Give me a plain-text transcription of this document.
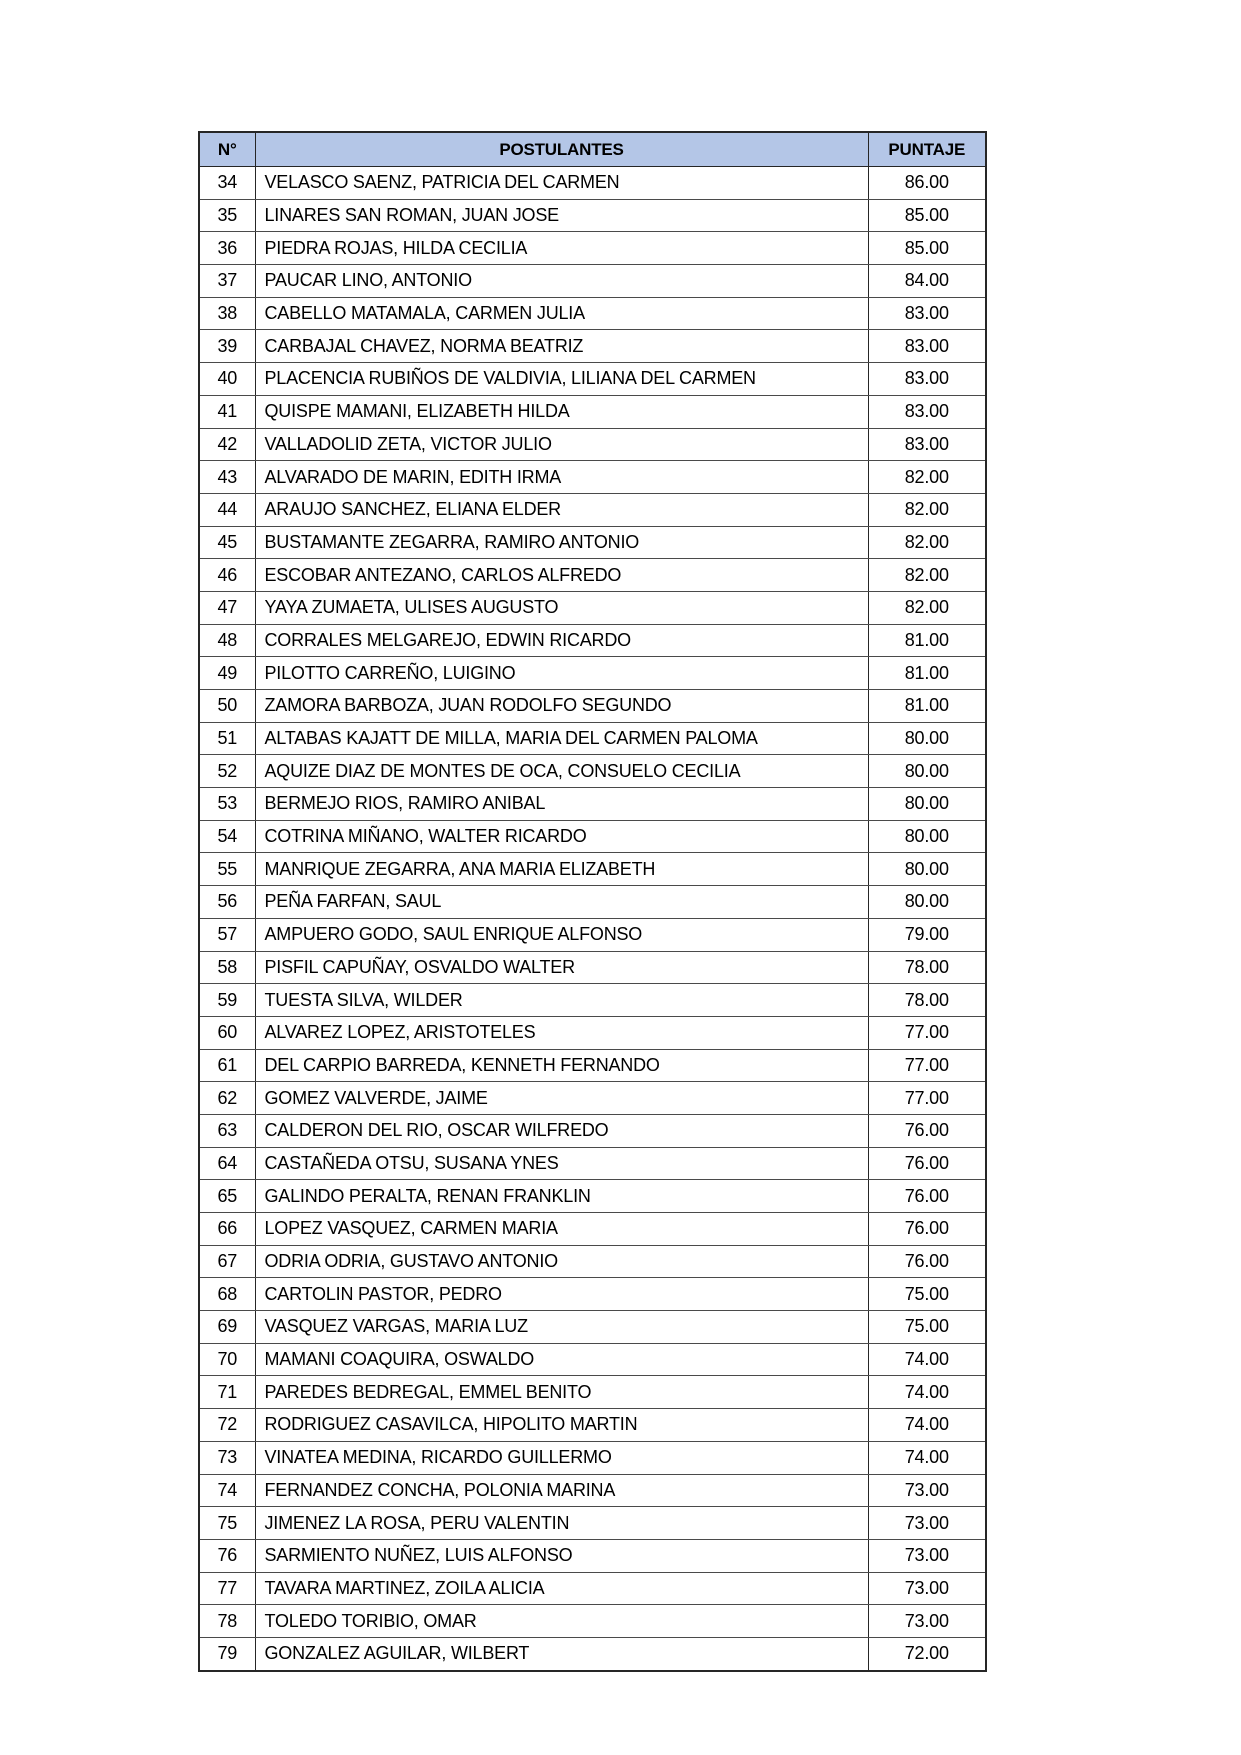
N°	POSTULANTES	PUNTAJE
34	VELASCO SAENZ, PATRICIA DEL CARMEN	86.00
35	LINARES SAN ROMAN, JUAN JOSE	85.00
36	PIEDRA ROJAS, HILDA CECILIA	85.00
37	PAUCAR LINO, ANTONIO	84.00
38	CABELLO MATAMALA, CARMEN JULIA	83.00
39	CARBAJAL CHAVEZ, NORMA BEATRIZ	83.00
40	PLACENCIA RUBIÑOS DE VALDIVIA, LILIANA DEL CARMEN	83.00
41	QUISPE MAMANI, ELIZABETH HILDA	83.00
42	VALLADOLID ZETA, VICTOR JULIO	83.00
43	ALVARADO DE MARIN, EDITH IRMA	82.00
44	ARAUJO SANCHEZ, ELIANA ELDER	82.00
45	BUSTAMANTE ZEGARRA, RAMIRO ANTONIO	82.00
46	ESCOBAR ANTEZANO, CARLOS ALFREDO	82.00
47	YAYA ZUMAETA, ULISES AUGUSTO	82.00
48	CORRALES MELGAREJO, EDWIN RICARDO	81.00
49	PILOTTO CARREÑO, LUIGINO	81.00
50	ZAMORA BARBOZA, JUAN RODOLFO SEGUNDO	81.00
51	ALTABAS KAJATT DE MILLA, MARIA DEL CARMEN PALOMA	80.00
52	AQUIZE DIAZ DE MONTES DE OCA, CONSUELO CECILIA	80.00
53	BERMEJO RIOS, RAMIRO ANIBAL	80.00
54	COTRINA MIÑANO, WALTER RICARDO	80.00
55	MANRIQUE ZEGARRA, ANA MARIA ELIZABETH	80.00
56	PEÑA FARFAN, SAUL	80.00
57	AMPUERO GODO, SAUL ENRIQUE ALFONSO	79.00
58	PISFIL CAPUÑAY, OSVALDO WALTER	78.00
59	TUESTA SILVA, WILDER	78.00
60	ALVAREZ LOPEZ, ARISTOTELES	77.00
61	DEL CARPIO BARREDA, KENNETH FERNANDO	77.00
62	GOMEZ VALVERDE, JAIME	77.00
63	CALDERON DEL RIO, OSCAR WILFREDO	76.00
64	CASTAÑEDA OTSU, SUSANA YNES	76.00
65	GALINDO PERALTA, RENAN FRANKLIN	76.00
66	LOPEZ VASQUEZ, CARMEN MARIA	76.00
67	ODRIA ODRIA, GUSTAVO ANTONIO	76.00
68	CARTOLIN PASTOR, PEDRO	75.00
69	VASQUEZ VARGAS, MARIA LUZ	75.00
70	MAMANI COAQUIRA, OSWALDO	74.00
71	PAREDES BEDREGAL, EMMEL BENITO	74.00
72	RODRIGUEZ CASAVILCA, HIPOLITO MARTIN	74.00
73	VINATEA MEDINA, RICARDO GUILLERMO	74.00
74	FERNANDEZ CONCHA, POLONIA MARINA	73.00
75	JIMENEZ LA ROSA, PERU VALENTIN	73.00
76	SARMIENTO NUÑEZ, LUIS ALFONSO	73.00
77	TAVARA MARTINEZ, ZOILA ALICIA	73.00
78	TOLEDO TORIBIO, OMAR	73.00
79	GONZALEZ AGUILAR, WILBERT	72.00
